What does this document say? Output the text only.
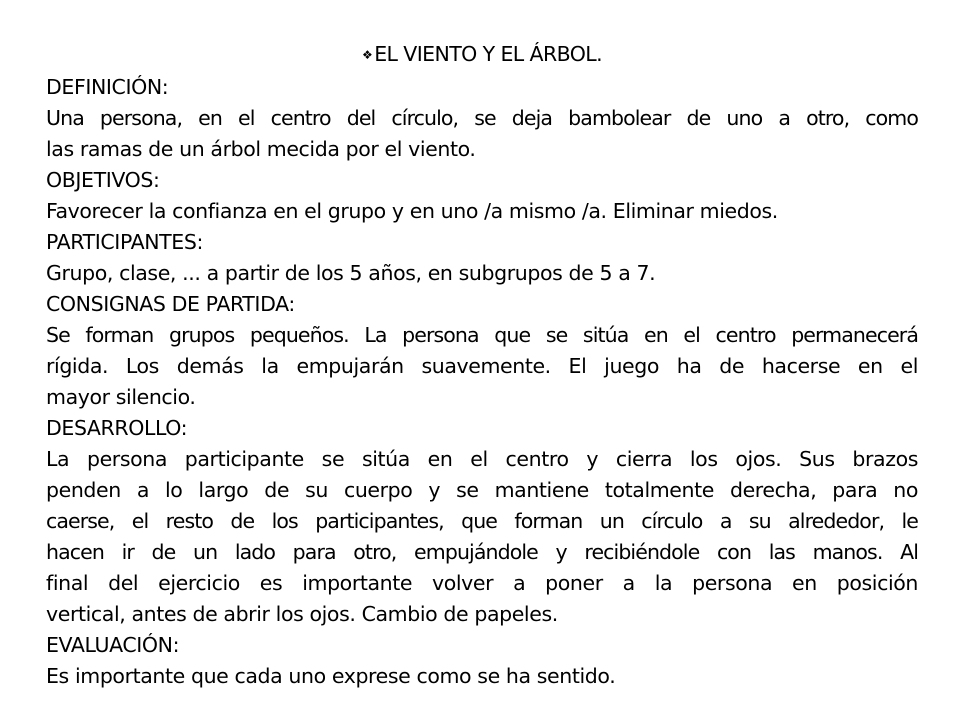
❖EL VIENTO Y EL ÁRBOL.
DEFINICIÓN:
Una persona, en el centro del círculo, se deja bambolear de uno a otro, como
las ramas de un árbol mecida por el viento.
OBJETIVOS:
Favorecer la confianza en el grupo y en uno /a mismo /a. Eliminar miedos.
PARTICIPANTES:
Grupo, clase, ... a partir de los 5 años, en subgrupos de 5 a 7.
CONSIGNAS DE PARTIDA:
Se forman grupos pequeños. La persona que se sitúa en el centro permanecerá
rígida. Los demás la empujarán suavemente. El juego ha de hacerse en el
mayor silencio.
DESARROLLO:
La persona participante se sitúa en el centro y cierra los ojos. Sus brazos
penden a lo largo de su cuerpo y se mantiene totalmente derecha, para no
caerse, el resto de los participantes, que forman un círculo a su alrededor, le
hacen ir de un lado para otro, empujándole y recibiéndole con las manos. Al
final del ejercicio es importante volver a poner a la persona en posición
vertical, antes de abrir los ojos. Cambio de papeles.
EVALUACIÓN:
Es importante que cada uno exprese como se ha sentido.
